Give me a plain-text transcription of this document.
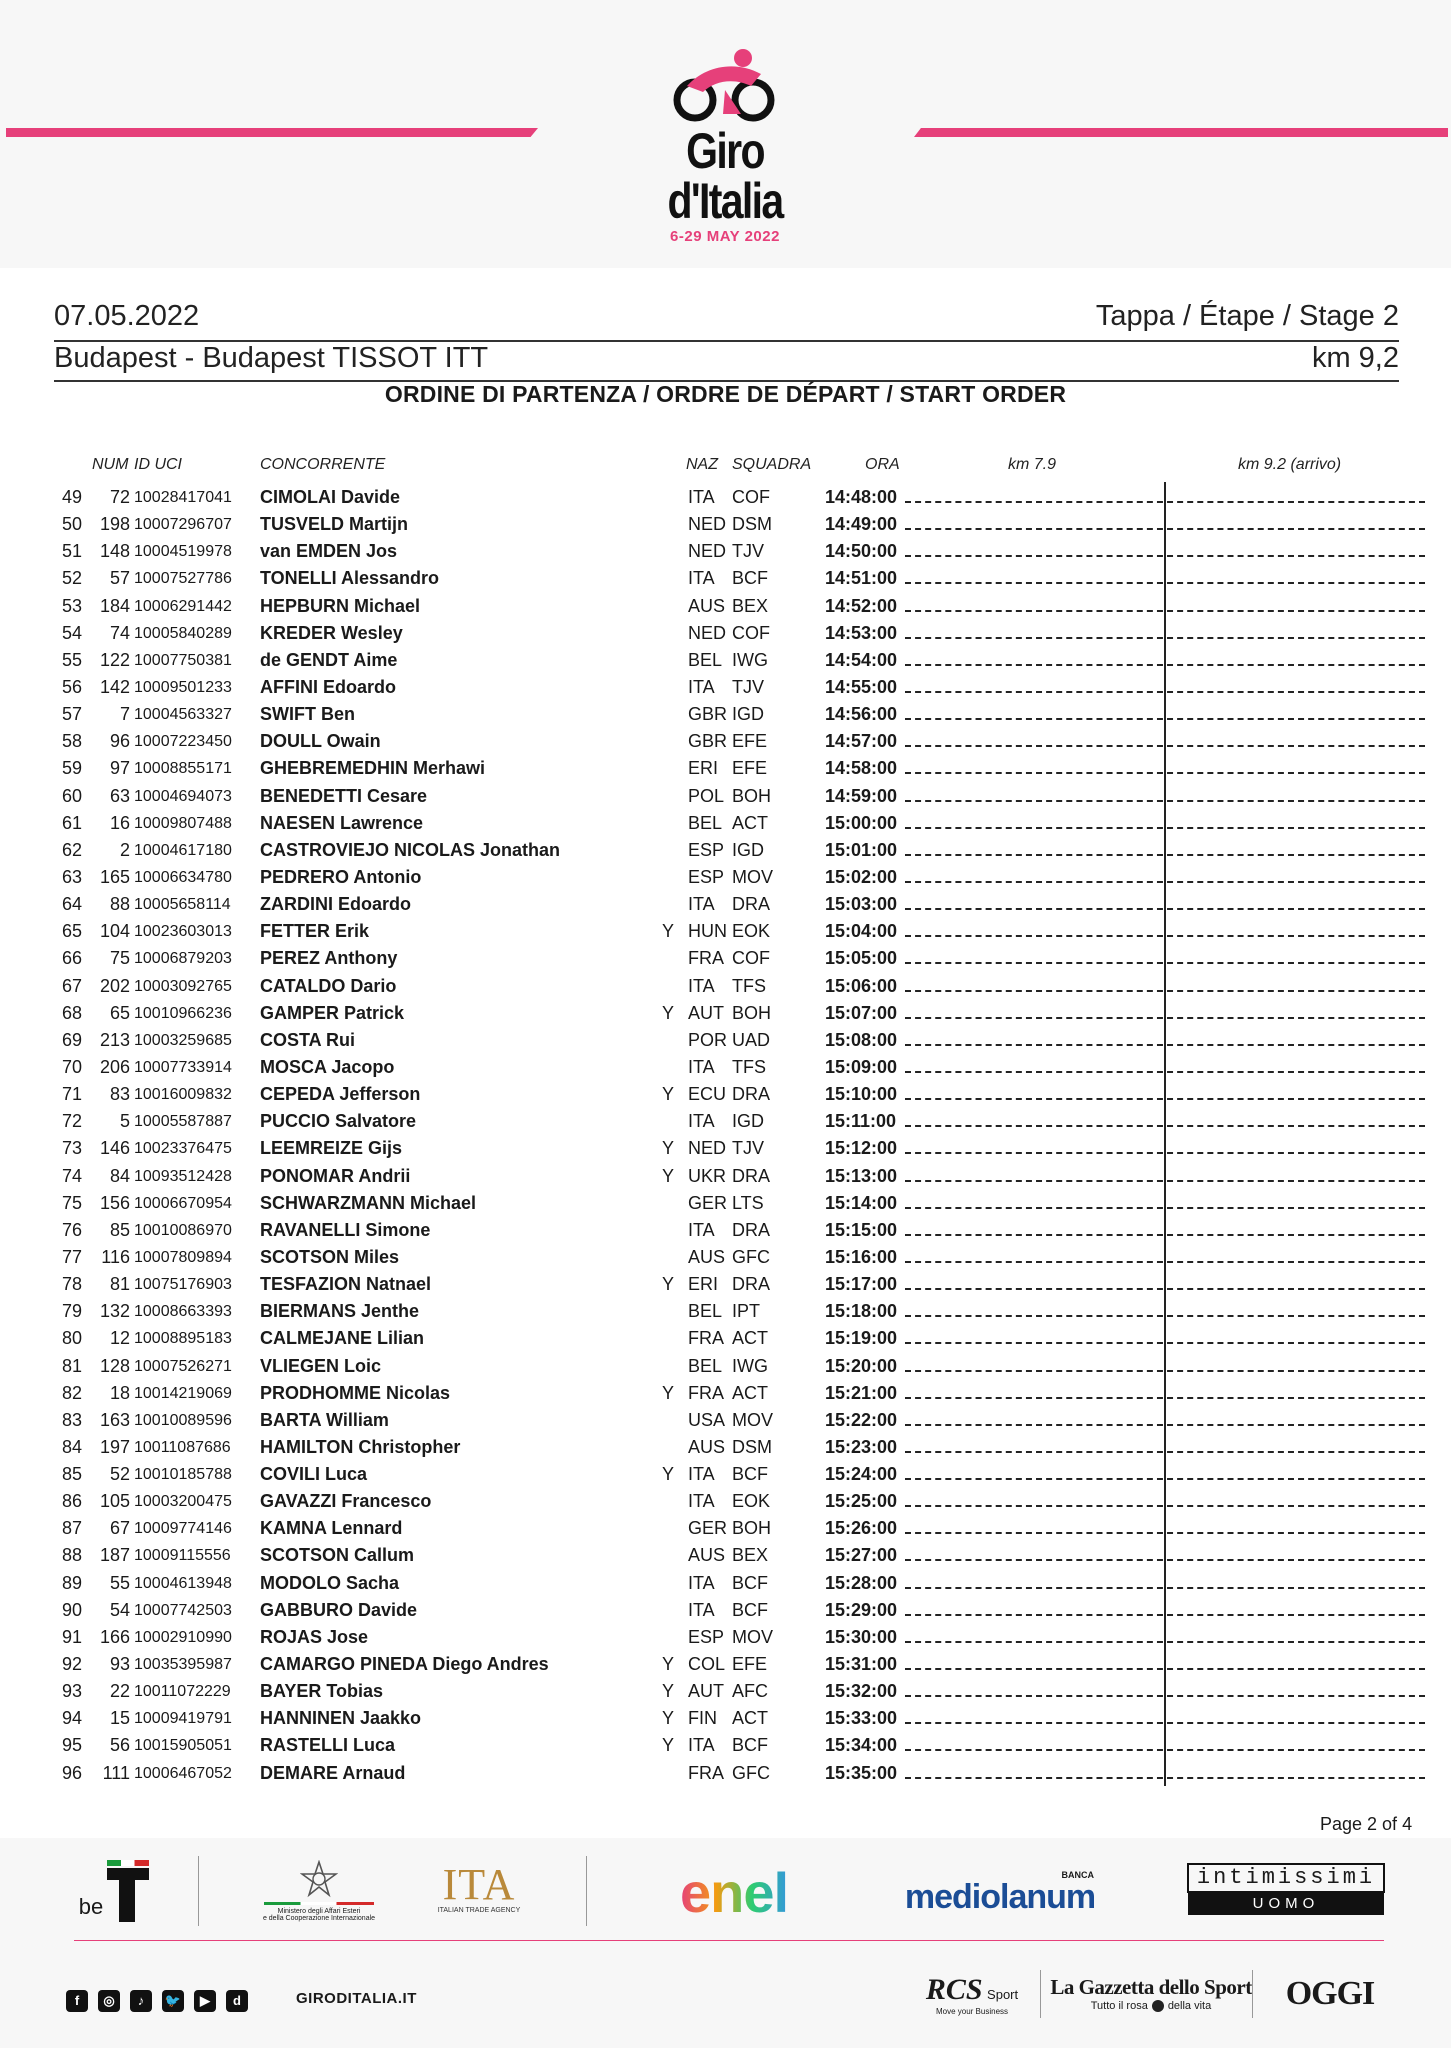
Giro d'Italia
6-29 MAY 2022
07.05.2022	Tappa / Étape / Stage 2
Budapest - Budapest TISSOT ITT	km 9,2
ORDINE DI PARTENZA / ORDRE DE DÉPART / START ORDER
NUM ID UCI	CONCORRENTE	NAZ SQUADRA	ORA	km 7.9	km 9.2 (arrivo)
49	72 10028417041 CIMOLAI Davide	ITA COF	14:48:00
50 198 10007296707 TUSVELD Martijn	NED DSM	14:49:00
51 148 10004519978 van EMDEN Jos	NED TJV	14:50:00
52	57 10007527786 TONELLI Alessandro	ITA BCF	14:51:00
53 184 10006291442 HEPBURN Michael	AUS BEX	14:52:00
54	74 10005840289 KREDER Wesley	NED COF	14:53:00
55 122 10007750381 de GENDT Aime	BEL IWG	14:54:00
56 142 10009501233 AFFINI Edoardo	ITA TJV	14:55:00
57	7 10004563327 SWIFT Ben	GBR IGD	14:56:00
58	96 10007223450 DOULL Owain	GBR EFE	14:57:00
59	97 10008855171 GHEBREMEDHIN Merhawi	ERI EFE	14:58:00
60	63 10004694073 BENEDETTI Cesare	POL BOH	14:59:00
61	16 10009807488 NAESEN Lawrence	BEL ACT	15:00:00
62	2 10004617180 CASTROVIEJO NICOLAS Jonathan	ESP IGD	15:01:00
63 165 10006634780 PEDRERO Antonio	ESP MOV	15:02:00
64	88 10005658114 ZARDINI Edoardo	ITA DRA	15:03:00
65 104 10023603013 FETTER Erik	Y HUN EOK	15:04:00
66	75 10006879203 PEREZ Anthony	FRA COF	15:05:00
67 202 10003092765 CATALDO Dario	ITA TFS	15:06:00
68	65 10010966236 GAMPER Patrick	Y AUT BOH	15:07:00
69 213 10003259685 COSTA Rui	POR UAD	15:08:00
70 206 10007733914 MOSCA Jacopo	ITA TFS	15:09:00
71	83 10016009832 CEPEDA Jefferson	Y ECU DRA	15:10:00
72	5 10005587887 PUCCIO Salvatore	ITA IGD	15:11:00
73 146 10023376475 LEEMREIZE Gijs	Y NED TJV	15:12:00
74	84 10093512428 PONOMAR Andrii	Y UKR DRA	15:13:00
75 156 10006670954 SCHWARZMANN Michael	GER LTS	15:14:00
76	85 10010086970 RAVANELLI Simone	ITA DRA	15:15:00
77	116 10007809894 SCOTSON Miles	AUS GFC	15:16:00
78	81 10075176903 TESFAZION Natnael	Y ERI DRA	15:17:00
79 132 10008663393 BIERMANS Jenthe	BEL IPT	15:18:00
80	12 10008895183 CALMEJANE Lilian	FRA ACT	15:19:00
81 128 10007526271 VLIEGEN Loic	BEL IWG	15:20:00
82	18 10014219069 PRODHOMME Nicolas	Y FRA ACT	15:21:00
83 163 10010089596 BARTA William	USA MOV	15:22:00
84 197 10011087686 HAMILTON Christopher	AUS DSM	15:23:00
85	52 10010185788 COVILI Luca	Y ITA BCF	15:24:00
86 105 10003200475 GAVAZZI Francesco	ITA EOK	15:25:00
87	67 10009774146 KAMNA Lennard	GER BOH	15:26:00
88 187 10009115556 SCOTSON Callum	AUS BEX	15:27:00
89	55 10004613948 MODOLO Sacha	ITA BCF	15:28:00
90	54 10007742503 GABBURO Davide	ITA BCF	15:29:00
91 166 10002910990 ROJAS Jose	ESP MOV	15:30:00
92	93 10035395987 CAMARGO PINEDA Diego Andres	Y COL EFE	15:31:00
93	22 10011072229 BAYER Tobias	Y AUT AFC	15:32:00
94	15 10009419791 HANNINEN Jaakko	Y FIN ACT	15:33:00
95	56 10015905051 RASTELLI Luca	Y ITA BCF	15:34:00
96	111 10006467052 DEMARE Arnaud	FRA GFC	15:35:00
Page 2 of 4
be	Ministero degli Affari Esteri
e della Cooperazione Internazionale
ITA
ITALIAN TRADE AGENCY	enel	BANCA
mediolanum
intimissimi
UOMO
f	◎	♪	🐦	▶	d	GIRODITALIA.IT	RCS Sport
Move your Business
La Gazzetta dello Sport
Tutto il rosa della vita OGGI
